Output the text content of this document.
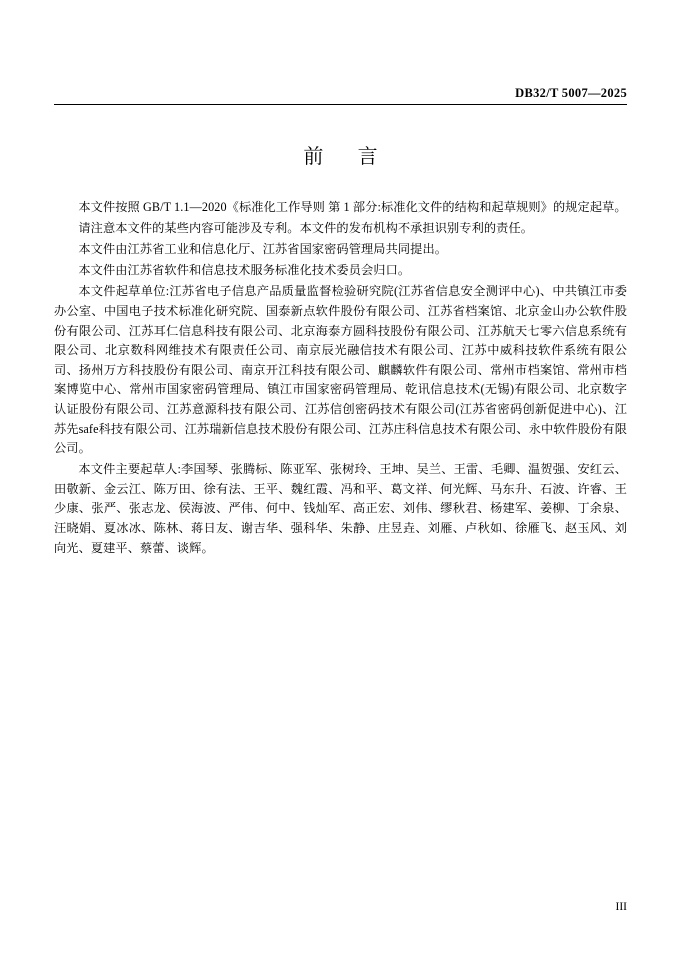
DB32/T 5007—2025
前 言

本文件按照 GB/T 1.1—2020《标准化工作导则 第 1 部分:标准化文件的结构和起草规则》的规定起草。

请注意本文件的某些内容可能涉及专利。本文件的发布机构不承担识别专利的责任。

本文件由江苏省工业和信息化厅、江苏省国家密码管理局共同提出。

本文件由江苏省软件和信息技术服务标准化技术委员会归口。

本文件起草单位:江苏省电子信息产品质量监督检验研究院(江苏省信息安全测评中心)、中共镇江市委办公室、中国电子技术标准化研究院、国泰新点软件股份有限公司、江苏省档案馆、北京金山办公软件股份有限公司、江苏耳仁信息科技有限公司、北京海泰方圆科技股份有限公司、江苏航天七零六信息系统有限公司、北京数科网维技术有限责任公司、南京辰光融信技术有限公司、江苏中威科技软件系统有限公司、扬州万方科技股份有限公司、南京开江科技有限公司、麒麟软件有限公司、常州市档案馆、常州市档案博览中心、常州市国家密码管理局、镇江市国家密码管理局、乾讯信息技术(无锡)有限公司、北京数字认证股份有限公司、江苏意源科技有限公司、江苏信创密码技术有限公司(江苏省密码创新促进中心)、江苏先safe科技有限公司、江苏瑞新信息技术股份有限公司、江苏庄科信息技术有限公司、永中软件股份有限公司。

本文件主要起草人:李国琴、张腾标、陈亚军、张树玲、王坤、吴兰、王雷、毛卿、温贺强、安红云、田敬新、金云江、陈万田、徐有法、王平、魏红霞、冯和平、葛文祥、何光辉、马东升、石波、许睿、王少康、张严、张志龙、侯海波、严伟、何中、钱灿军、高正宏、刘伟、缪秋君、杨建军、姜柳、丁余泉、汪晓娟、夏冰冰、陈林、蒋日友、谢吉华、强科华、朱静、庄昱垚、刘雁、卢秋如、徐雁飞、赵玉风、刘向光、夏建平、蔡蕾、谈辉。

III
